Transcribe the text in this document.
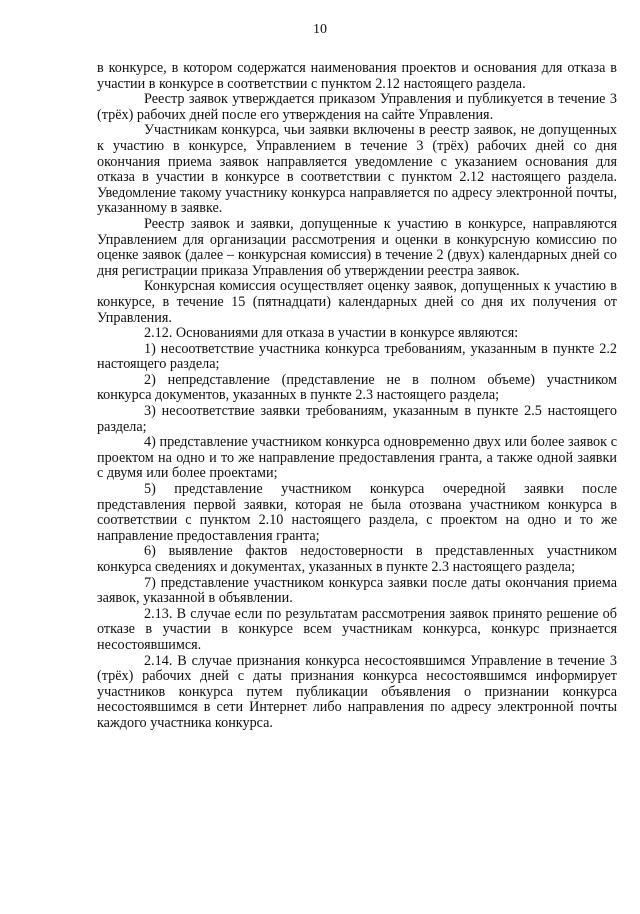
10

в конкурсе, в котором содержатся наименования проектов и основания для отказа в участии в конкурсе в соответствии с пунктом 2.12 настоящего раздела.

Реестр заявок утверждается приказом Управления и публикуется в течение 3 (трёх) рабочих дней после его утверждения на сайте Управления.

Участникам конкурса, чьи заявки включены в реестр заявок, не допущенных к участию в конкурсе, Управлением в течение 3 (трёх) рабочих дней со дня окончания приема заявок направляется уведомление с указанием основания для отказа в участии в конкурсе в соответствии с пунктом 2.12 настоящего раздела. Уведомление такому участнику конкурса направляется по адресу электронной почты, указанному в заявке.

Реестр заявок и заявки, допущенные к участию в конкурсе, направляются Управлением для организации рассмотрения и оценки в конкурсную комиссию по оценке заявок (далее – конкурсная комиссия) в течение 2 (двух) календарных дней со дня регистрации приказа Управления об утверждении реестра заявок.

Конкурсная комиссия осуществляет оценку заявок, допущенных к участию в конкурсе, в течение 15 (пятнадцати) календарных дней со дня их получения от Управления.

2.12. Основаниями для отказа в участии в конкурсе являются:

1) несоответствие участника конкурса требованиям, указанным в пункте 2.2 настоящего раздела;

2) непредставление (представление не в полном объеме) участником конкурса документов, указанных в пункте 2.3 настоящего раздела;

3) несоответствие заявки требованиям, указанным в пункте 2.5 настоящего раздела;

4) представление участником конкурса одновременно двух или более заявок с проектом на одно и то же направление предоставления гранта, а также одной заявки с двумя или более проектами;

5) представление участником конкурса очередной заявки после представления первой заявки, которая не была отозвана участником конкурса в соответствии с пунктом 2.10 настоящего раздела, с проектом на одно и то же направление предоставления гранта;

6) выявление фактов недостоверности в представленных участником конкурса сведениях и документах, указанных в пункте 2.3 настоящего раздела;

7) представление участником конкурса заявки после даты окончания приема заявок, указанной в объявлении.

2.13. В случае если по результатам рассмотрения заявок принято решение об отказе в участии в конкурсе всем участникам конкурса, конкурс признается несостоявшимся.

2.14. В случае признания конкурса несостоявшимся Управление в течение 3 (трёх) рабочих дней с даты признания конкурса несостоявшимся информирует участников конкурса путем публикации объявления о признании конкурса несостоявшимся в сети Интернет либо направления по адресу электронной почты каждого участника конкурса.
